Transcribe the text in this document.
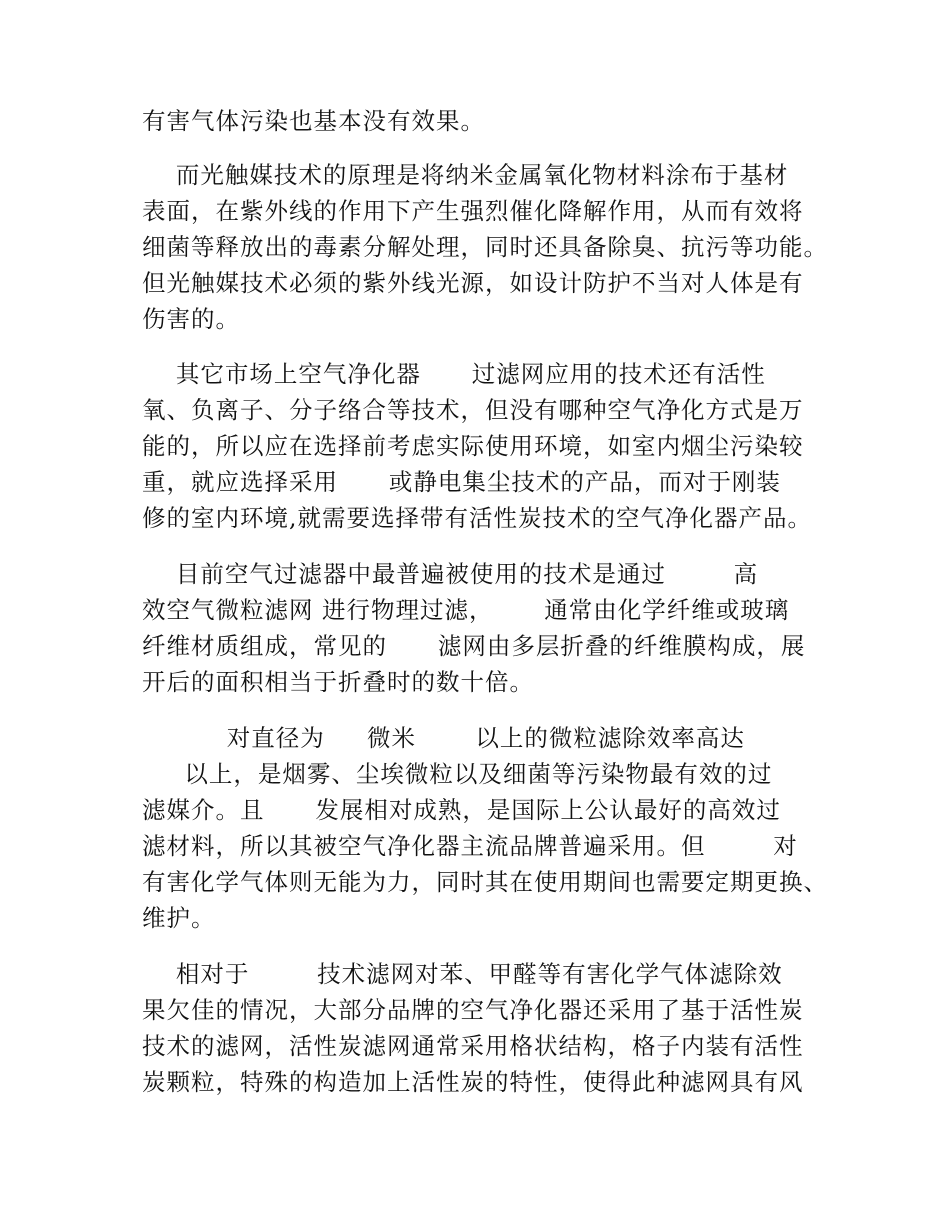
有害气体污染也基本没有效果。
而光触媒技术的原理是将纳米金属氧化物材料涂布于基材
表面，在紫外线的作用下产生强烈催化降解作用，从而有效将
细菌等释放出的毒素分解处理，同时还具备除臭、抗污等功能。
但光触媒技术必须的紫外线光源，如设计防护不当对人体是有
伤害的。
其它市场上空气净化器      过滤网应用的技术还有活性
氧、负离子、分子络合等技术，但没有哪种空气净化方式是万
能的，所以应在选择前考虑实际使用环境，如室内烟尘污染较
重，就应选择采用      或静电集尘技术的产品，而对于刚装
修的室内环境,就需要选择带有活性炭技术的空气净化器产品。
目前空气过滤器中最普遍被使用的技术是通过        高
效空气微粒滤网 进行物理过滤，      通常由化学纤维或玻璃
纤维材质组成，常见的      滤网由多层折叠的纤维膜构成，展
开后的面积相当于折叠时的数十倍。
对直径为     微米       以上的微粒滤除效率高达
以上，是烟雾、尘埃微粒以及细菌等污染物最有效的过
滤媒介。且      发展相对成熟，是国际上公认最好的高效过
滤材料，所以其被空气净化器主流品牌普遍采用。但        对
有害化学气体则无能为力，同时其在使用期间也需要定期更换、
维护。
相对于        技术滤网对苯、甲醛等有害化学气体滤除效
果欠佳的情况，大部分品牌的空气净化器还采用了基于活性炭
技术的滤网，活性炭滤网通常采用格状结构，格子内装有活性
炭颗粒，特殊的构造加上活性炭的特性，使得此种滤网具有风
